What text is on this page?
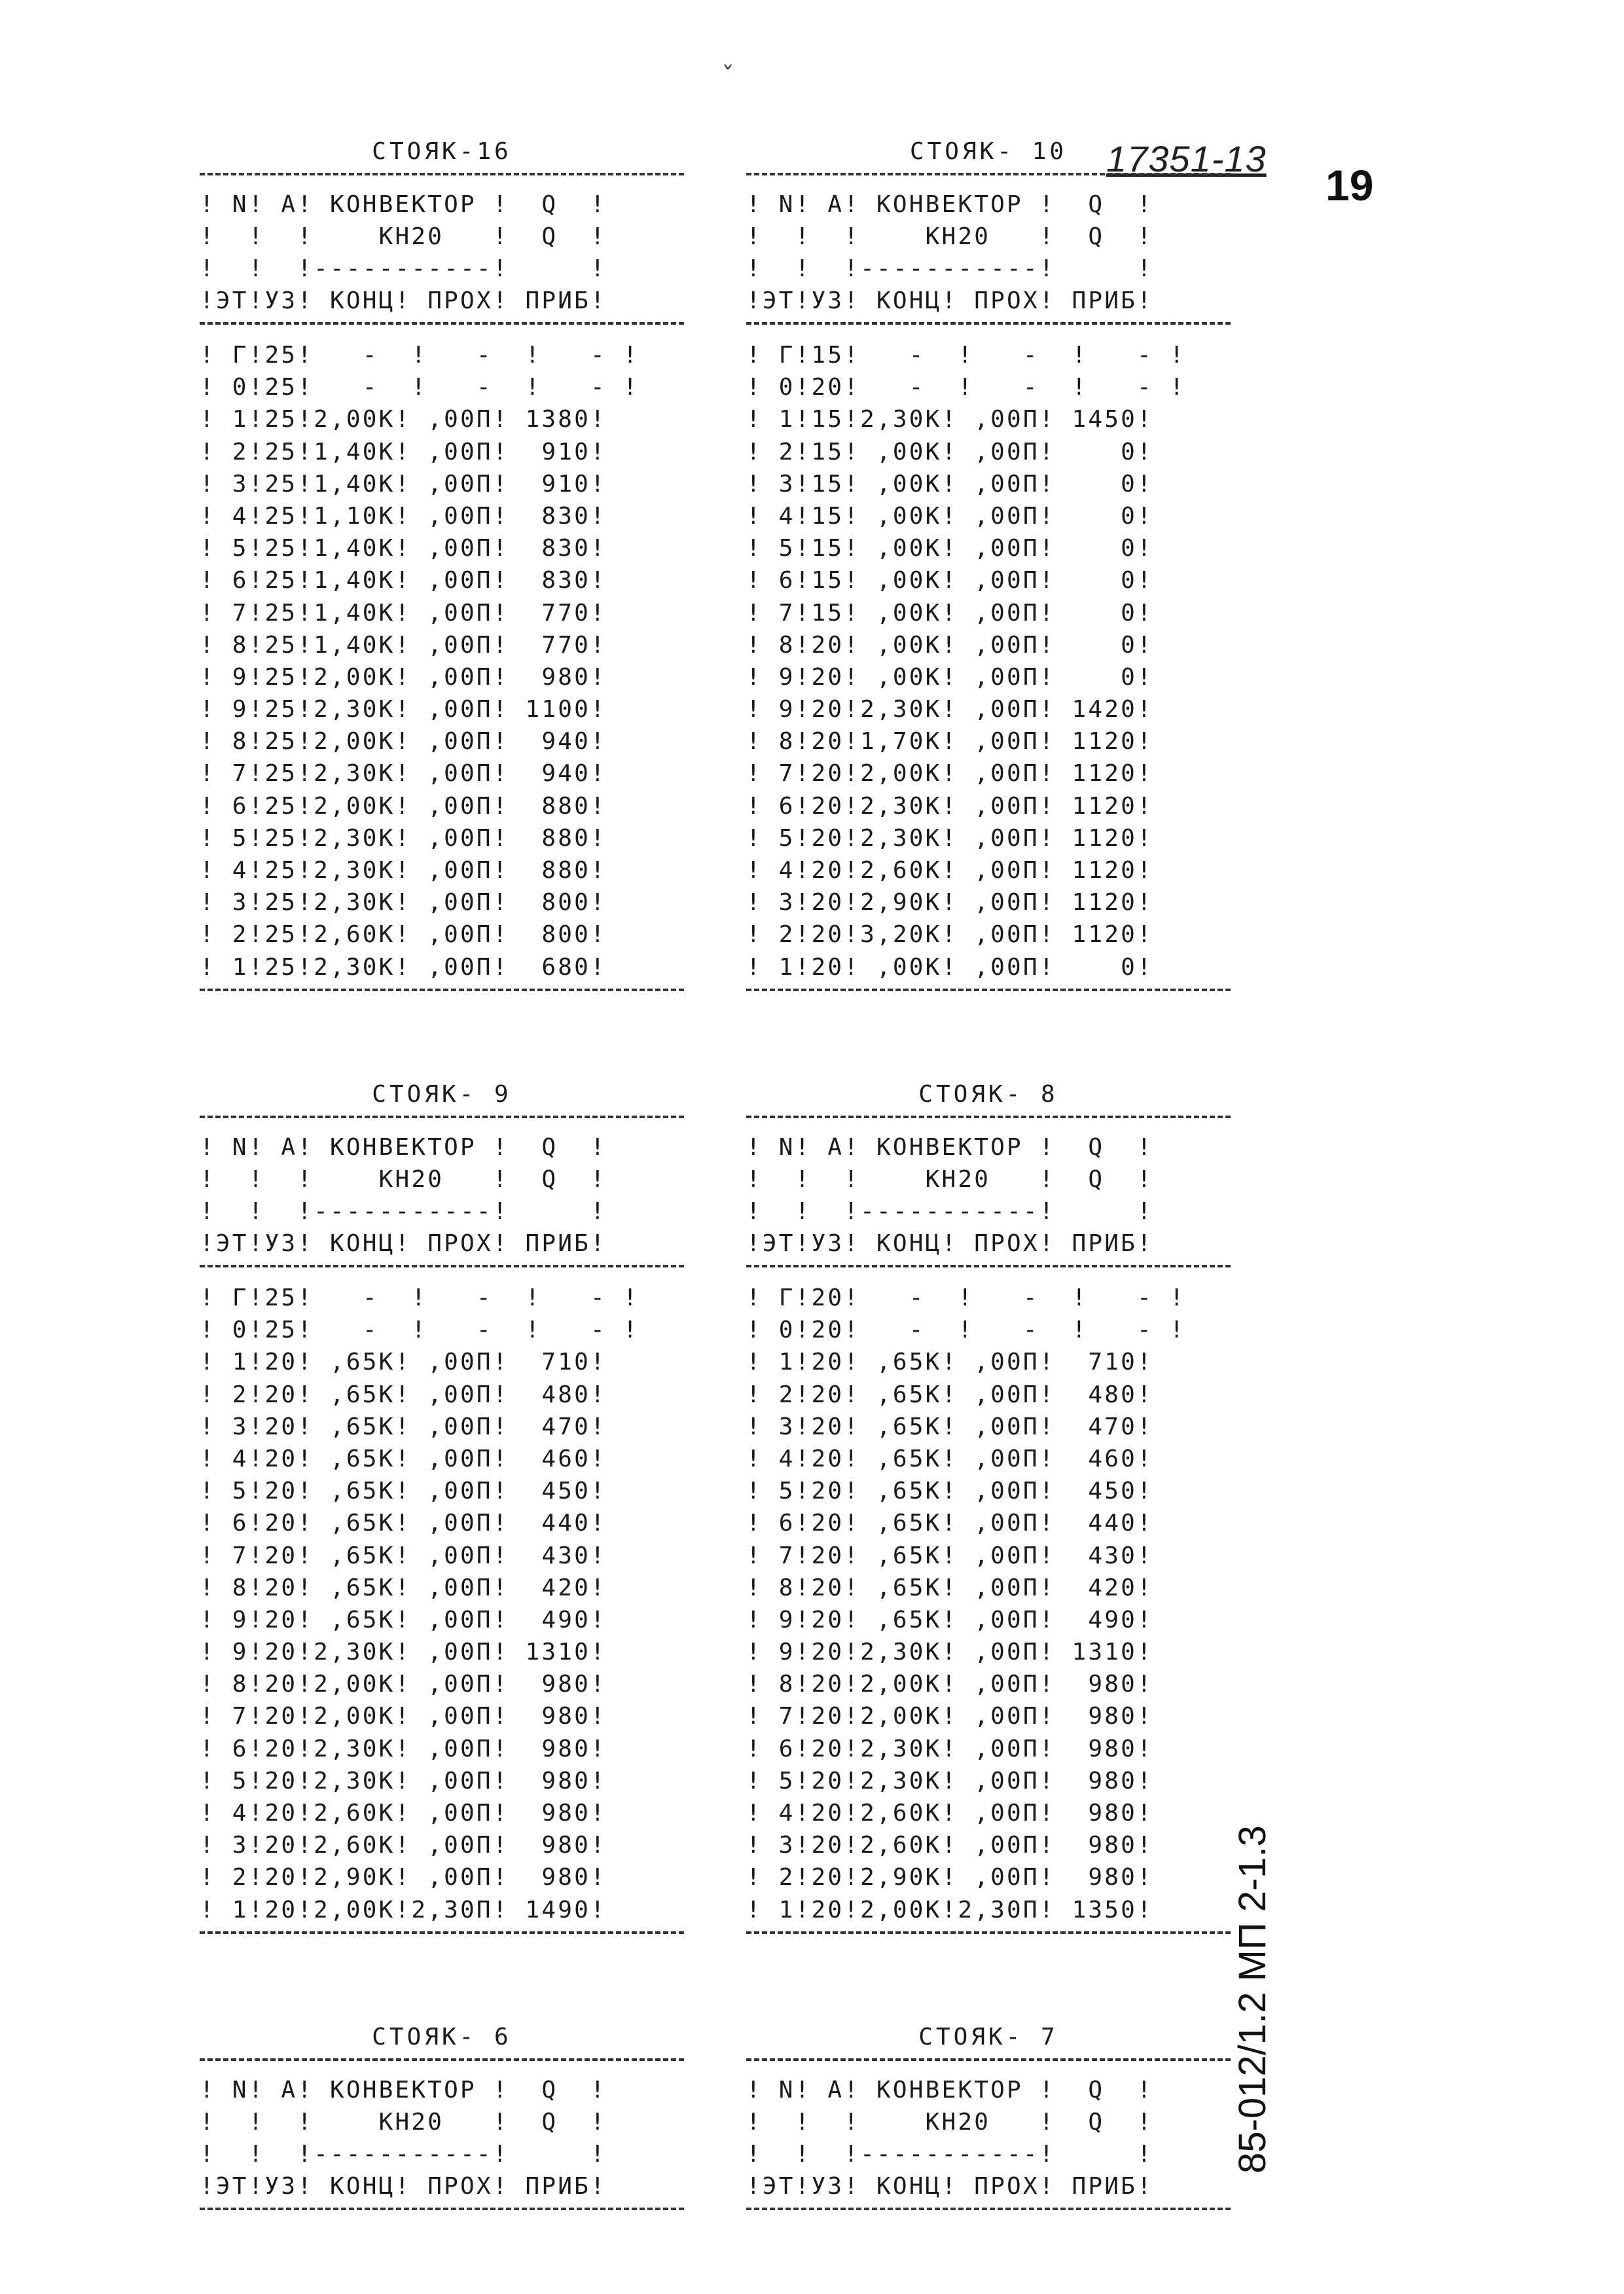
ˇ
17351-13
19
85-012/1.2 МП 2-1.3
СТОЯК-16
! N! A! КОНВЕКТОР !  Q  !
!  !  !    КН20   !  Q  !
!  !  !-----------!     !
!ЭТ!УЗ! КОНЦ! ПРОХ! ПРИБ!
! Г!25!   -  !   -  !   - !
! 0!25!   -  !   -  !   - !
! 1!25!2,00К! ,00П! 1380!
! 2!25!1,40К! ,00П!  910!
! 3!25!1,40К! ,00П!  910!
! 4!25!1,10К! ,00П!  830!
! 5!25!1,40К! ,00П!  830!
! 6!25!1,40К! ,00П!  830!
! 7!25!1,40К! ,00П!  770!
! 8!25!1,40К! ,00П!  770!
! 9!25!2,00К! ,00П!  980!
! 9!25!2,30К! ,00П! 1100!
! 8!25!2,00К! ,00П!  940!
! 7!25!2,30К! ,00П!  940!
! 6!25!2,00К! ,00П!  880!
! 5!25!2,30К! ,00П!  880!
! 4!25!2,30К! ,00П!  880!
! 3!25!2,30К! ,00П!  800!
! 2!25!2,60К! ,00П!  800!
! 1!25!2,30К! ,00П!  680!
СТОЯК- 10
! N! A! КОНВЕКТОР !  Q  !
!  !  !    КН20   !  Q  !
!  !  !-----------!     !
!ЭТ!УЗ! КОНЦ! ПРОХ! ПРИБ!
! Г!15!   -  !   -  !   - !
! 0!20!   -  !   -  !   - !
! 1!15!2,30К! ,00П! 1450!
! 2!15! ,00К! ,00П!    0!
! 3!15! ,00К! ,00П!    0!
! 4!15! ,00К! ,00П!    0!
! 5!15! ,00К! ,00П!    0!
! 6!15! ,00К! ,00П!    0!
! 7!15! ,00К! ,00П!    0!
! 8!20! ,00К! ,00П!    0!
! 9!20! ,00К! ,00П!    0!
! 9!20!2,30К! ,00П! 1420!
! 8!20!1,70К! ,00П! 1120!
! 7!20!2,00К! ,00П! 1120!
! 6!20!2,30К! ,00П! 1120!
! 5!20!2,30К! ,00П! 1120!
! 4!20!2,60К! ,00П! 1120!
! 3!20!2,90К! ,00П! 1120!
! 2!20!3,20К! ,00П! 1120!
! 1!20! ,00К! ,00П!    0!
СТОЯК- 9
! N! A! КОНВЕКТОР !  Q  !
!  !  !    КН20   !  Q  !
!  !  !-----------!     !
!ЭТ!УЗ! КОНЦ! ПРОХ! ПРИБ!
! Г!25!   -  !   -  !   - !
! 0!25!   -  !   -  !   - !
! 1!20! ,65К! ,00П!  710!
! 2!20! ,65К! ,00П!  480!
! 3!20! ,65К! ,00П!  470!
! 4!20! ,65К! ,00П!  460!
! 5!20! ,65К! ,00П!  450!
! 6!20! ,65К! ,00П!  440!
! 7!20! ,65К! ,00П!  430!
! 8!20! ,65К! ,00П!  420!
! 9!20! ,65К! ,00П!  490!
! 9!20!2,30К! ,00П! 1310!
! 8!20!2,00К! ,00П!  980!
! 7!20!2,00К! ,00П!  980!
! 6!20!2,30К! ,00П!  980!
! 5!20!2,30К! ,00П!  980!
! 4!20!2,60К! ,00П!  980!
! 3!20!2,60К! ,00П!  980!
! 2!20!2,90К! ,00П!  980!
! 1!20!2,00К!2,30П! 1490!
СТОЯК- 8
! N! A! КОНВЕКТОР !  Q  !
!  !  !    КН20   !  Q  !
!  !  !-----------!     !
!ЭТ!УЗ! КОНЦ! ПРОХ! ПРИБ!
! Г!20!   -  !   -  !   - !
! 0!20!   -  !   -  !   - !
! 1!20! ,65К! ,00П!  710!
! 2!20! ,65К! ,00П!  480!
! 3!20! ,65К! ,00П!  470!
! 4!20! ,65К! ,00П!  460!
! 5!20! ,65К! ,00П!  450!
! 6!20! ,65К! ,00П!  440!
! 7!20! ,65К! ,00П!  430!
! 8!20! ,65К! ,00П!  420!
! 9!20! ,65К! ,00П!  490!
! 9!20!2,30К! ,00П! 1310!
! 8!20!2,00К! ,00П!  980!
! 7!20!2,00К! ,00П!  980!
! 6!20!2,30К! ,00П!  980!
! 5!20!2,30К! ,00П!  980!
! 4!20!2,60К! ,00П!  980!
! 3!20!2,60К! ,00П!  980!
! 2!20!2,90К! ,00П!  980!
! 1!20!2,00К!2,30П! 1350!
СТОЯК- 6
! N! A! КОНВЕКТОР !  Q  !
!  !  !    КН20   !  Q  !
!  !  !-----------!     !
!ЭТ!УЗ! КОНЦ! ПРОХ! ПРИБ!
СТОЯК- 7
! N! A! КОНВЕКТОР !  Q  !
!  !  !    КН20   !  Q  !
!  !  !-----------!     !
!ЭТ!УЗ! КОНЦ! ПРОХ! ПРИБ!
